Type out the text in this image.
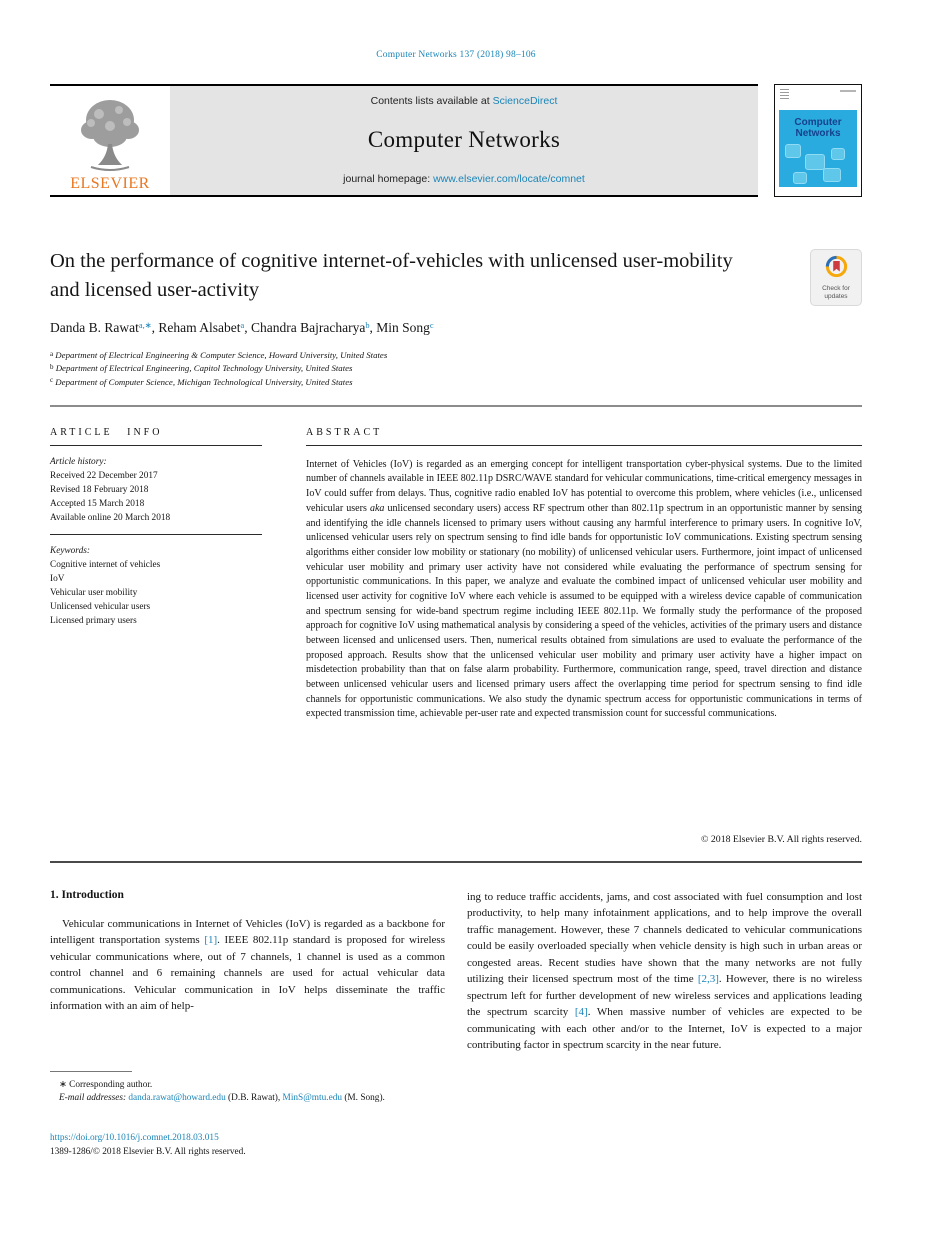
Computer Networks 137 (2018) 98–106
ELSEVIER
Contents lists available at ScienceDirect
Computer Networks
journal homepage: www.elsevier.com/locate/comnet
Computer
Networks
On the performance of cognitive internet-of-vehicles with unlicensed user-mobility and licensed user-activity	Check for
updates
Danda B. Rawat$^{a,∗}$, Reham Alsabet$^a$, Chandra Bajracharya$^b$, Min Song$^c$
$^a$ Department of Electrical Engineering & Computer Science, Howard University, United States
$^b$ Department of Electrical Engineering, Capitol Technology University, United States
$^c$ Department of Computer Science, Michigan Technological University, United States
ARTICLE INFO
Article history:
Received 22 December 2017
Revised 18 February 2018
Accepted 15 March 2018
Available online 20 March 2018
Keywords:
Cognitive internet of vehicles
IoV
Vehicular user mobility
Unlicensed vehicular users
Licensed primary users
ABSTRACT
Internet of Vehicles (IoV) is regarded as an emerging concept for intelligent transportation cyber-physical systems. Due to the limited number of channels available in IEEE 802.11p DSRC/WAVE standard for vehicular communications, time-critical emergency messages in IoV could suffer from delays. Thus, cognitive radio enabled IoV has potential to overcome this problem, where vehicles (i.e., unlicensed vehicular users aka unlicensed secondary users) access RF spectrum other than 802.11p spectrum in an opportunistic manner by sensing and identifying the idle channels licensed to primary users without causing any harmful interference to primary users. In cognitive IoV, unlicensed vehicular users rely on spectrum sensing to find idle bands for opportunistic IoV communications. Existing spectrum sensing algorithms either consider low mobility or stationary (no mobility) of unlicensed vehicular users. Furthermore, joint impact of unlicensed vehicular user mobility and primary user activity have not considered while evaluating the performance of spectrum sensing for opportunistic communications. In this paper, we analyze and evaluate the combined impact of unlicensed vehicular user mobility and licensed user activity for cognitive IoV where each vehicle is assumed to be equipped with a wireless device capable of communication and spectrum sensing for wide-band spectrum regime including IEEE 802.11p. We formally study the performance of the proposed approach for cognitive IoV using mathematical analysis by considering a speed of the vehicles, activities of the primary users and distance between licensed and unlicensed users. Then, numerical results obtained from simulations are used to evaluate the performance of the proposed approach. Results show that the unlicensed vehicular user mobility and primary user activity have a higher impact on misdetection probability than that on false alarm probability. Furthermore, communication range, speed, travel direction and distance between unlicensed vehicular users and licensed primary users affect the overlapping time period for spectrum sensing to find idle channels for opportunistic communications. We also study the dynamic spectrum access for opportunistic communications in terms of expected transmission time, achievable per-user rate and expected transmission count for successful communications.
© 2018 Elsevier B.V. All rights reserved.
1. Introduction

Vehicular communications in Internet of Vehicles (IoV) is regarded as a backbone for intelligent transportation systems [1]. IEEE 802.11p standard is proposed for wireless vehicular communications where, out of 7 channels, 1 channel is used as a common control channel and 6 remaining channels are used for actual vehicular data communications. Vehicular communication in IoV helps disseminate the traffic information with an aim of help-

ing to reduce traffic accidents, jams, and cost associated with fuel consumption and lost productivity, to help many infotainment applications, and to help improve the overall traffic management. However, these 7 channels dedicated to vehicular communications could be easily overloaded specially when vehicle density is high such in urban areas or congested areas. Recent studies have shown that the many networks are not fully utilizing their licensed spectrum most of the time [2,3]. However, there is no wireless spectrum left for further development of new wireless services and applications leading the spectrum scarcity [4]. When massive number of vehicles are expected to be communicating with each other and/or to the Internet, IoV is expected to a major contributing factor in spectrum scarcity in the near future.

∗ Corresponding author.
E-mail addresses: danda.rawat@howard.edu (D.B. Rawat), MinS@mtu.edu (M. Song).
https://doi.org/10.1016/j.comnet.2018.03.015
1389-1286/© 2018 Elsevier B.V. All rights reserved.
